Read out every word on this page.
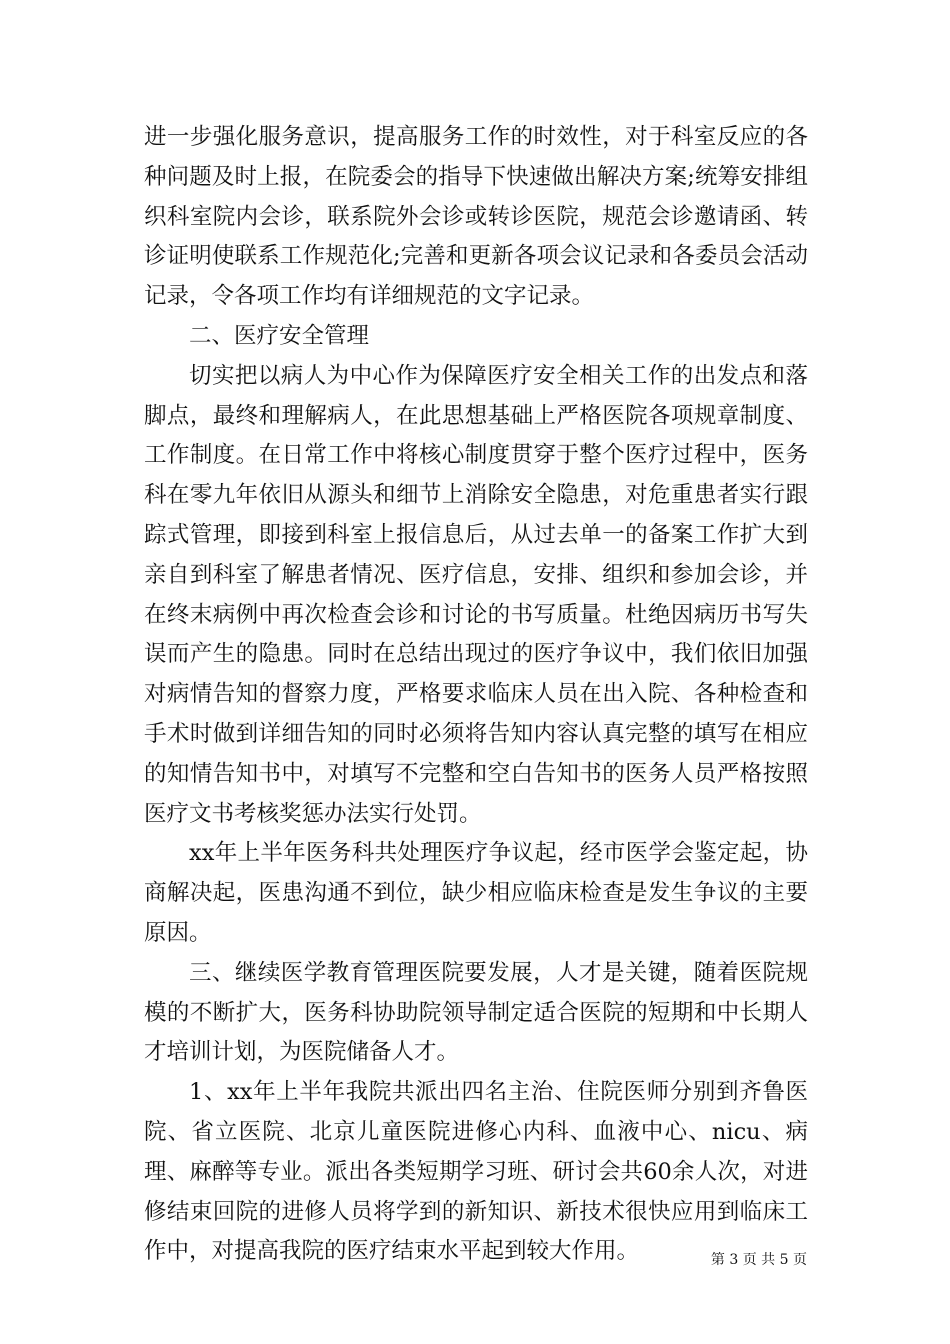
进一步强化服务意识，提高服务工作的时效性，对于科室反应的各种问题及时上报，在院委会的指导下快速做出解决方案;统筹安排组织科室院内会诊，联系院外会诊或转诊医院，规范会诊邀请函、转诊证明使联系工作规范化;完善和更新各项会议记录和各委员会活动记录，令各项工作均有详细规范的文字记录。

二、医疗安全管理

切实把以病人为中心作为保障医疗安全相关工作的出发点和落脚点，最终和理解病人，在此思想基础上严格医院各项规章制度、工作制度。在日常工作中将核心制度贯穿于整个医疗过程中，医务科在零九年依旧从源头和细节上消除安全隐患，对危重患者实行跟踪式管理，即接到科室上报信息后，从过去单一的备案工作扩大到亲自到科室了解患者情况、医疗信息，安排、组织和参加会诊，并在终末病例中再次检查会诊和讨论的书写质量。杜绝因病历书写失误而产生的隐患。同时在总结出现过的医疗争议中，我们依旧加强对病情告知的督察力度，严格要求临床人员在出入院、各种检查和手术时做到详细告知的同时必须将告知内容认真完整的填写在相应的知情告知书中，对填写不完整和空白告知书的医务人员严格按照医疗文书考核奖惩办法实行处罚。

xx年上半年医务科共处理医疗争议起，经市医学会鉴定起，协商解决起，医患沟通不到位，缺少相应临床检查是发生争议的主要原因。

三、继续医学教育管理医院要发展，人才是关键，随着医院规模的不断扩大，医务科协助院领导制定适合医院的短期和中长期人才培训计划，为医院储备人才。

1、xx年上半年我院共派出四名主治、住院医师分别到齐鲁医院、省立医院、北京儿童医院进修心内科、血液中心、nicu、病理、麻醉等专业。派出各类短期学习班、研讨会共60余人次，对进修结束回院的进修人员将学到的新知识、新技术很快应用到临床工作中，对提高我院的医疗结束水平起到较大作用。	第 3 页 共 5 页
